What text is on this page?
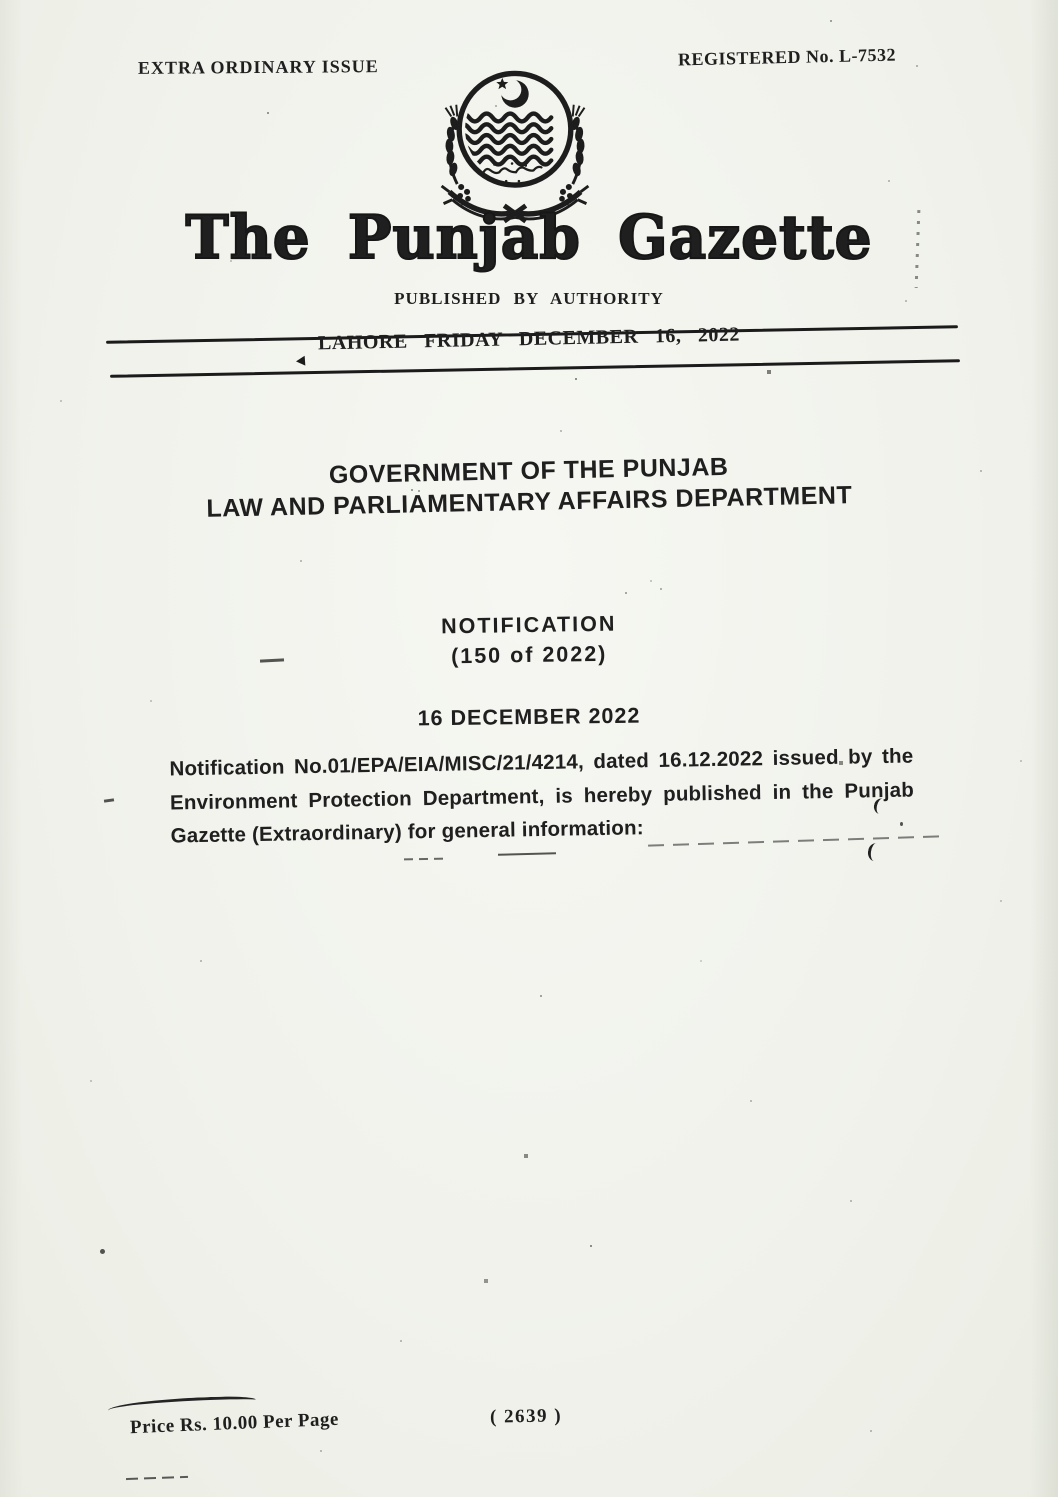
EXTRA ORDINARY ISSUE	REGISTERED No. L-7532
The Punjab Gazette
PUBLISHED BY AUTHORITY
LAHORE FRIDAY DECEMBER 16, 2022
GOVERNMENT OF THE PUNJAB
LAW AND PARLIAMENTARY AFFAIRS DEPARTMENT
NOTIFICATION
(150 of 2022)
16 DECEMBER 2022

Notification No.01/EPA/EIA/MISC/21/4214, dated 16.12.2022 issued by the Environment Protection Department, is hereby published in the Punjab Gazette (Extraordinary) for general information:

Price Rs. 10.00 Per Page	( 2639 )
